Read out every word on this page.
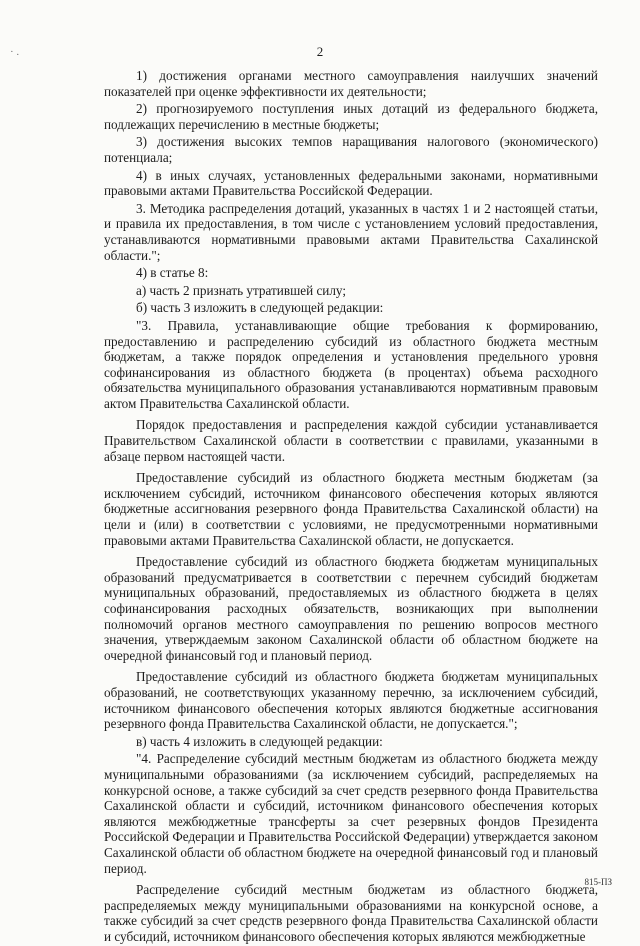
· .	2

1) достижения органами местного самоуправления наилучших значений показателей при оценке эффективности их деятельности;

2) прогнозируемого поступления иных дотаций из федерального бюджета, подлежащих перечислению в местные бюджеты;

3) достижения высоких темпов наращивания налогового (экономического) потенциала;

4) в иных случаях, установленных федеральными законами, нормативными правовыми актами Правительства Российской Федерации.

3. Методика распределения дотаций, указанных в частях 1 и 2 настоящей статьи, и правила их предоставления, в том числе с установлением условий предоставления, устанавливаются нормативными правовыми актами Правительства Сахалинской области.";

4) в статье 8:

а) часть 2 признать утратившей силу;

б) часть 3 изложить в следующей редакции:

"3. Правила, устанавливающие общие требования к формированию, предоставлению и распределению субсидий из областного бюджета местным бюджетам, а также порядок определения и установления предельного уровня софинансирования из областного бюджета (в процентах) объема расходного обязательства муниципального образования устанавливаются нормативным правовым актом Правительства Сахалинской области.

Порядок предоставления и распределения каждой субсидии устанавливается Правительством Сахалинской области в соответствии с правилами, указанными в абзаце первом настоящей части.

Предоставление субсидий из областного бюджета местным бюджетам (за исключением субсидий, источником финансового обеспечения которых являются бюджетные ассигнования резервного фонда Правительства Сахалинской области) на цели и (или) в соответствии с условиями, не предусмотренными нормативными правовыми актами Правительства Сахалинской области, не допускается.

Предоставление субсидий из областного бюджета бюджетам муниципальных образований предусматривается в соответствии с перечнем субсидий бюджетам муниципальных образований, предоставляемых из областного бюджета в целях софинансирования расходных обязательств, возникающих при выполнении полномочий органов местного самоуправления по решению вопросов местного значения, утверждаемым законом Сахалинской области об областном бюджете на очередной финансовый год и плановый период.

Предоставление субсидий из областного бюджета бюджетам муниципальных образований, не соответствующих указанному перечню, за исключением субсидий, источником финансового обеспечения которых являются бюджетные ассигнования резервного фонда Правительства Сахалинской области, не допускается.";

в) часть 4 изложить в следующей редакции:

"4. Распределение субсидий местным бюджетам из областного бюджета между муниципальными образованиями (за исключением субсидий, распределяемых на конкурсной основе, а также субсидий за счет средств резервного фонда Правительства Сахалинской области и субсидий, источником финансового обеспечения которых являются межбюджетные трансферты за счет резервных фондов Президента Российской Федерации и Правительства Российской Федерации) утверждается законом Сахалинской области об областном бюджете на очередной финансовый год и плановый период.

Распределение субсидий местным бюджетам из областного бюджета, распределяемых между муниципальными образованиями на конкурсной основе, а также субсидий за счет средств резервного фонда Правительства Сахалинской области и субсидий, источником финансового обеспечения которых являются межбюджетные

815-ПЗ
